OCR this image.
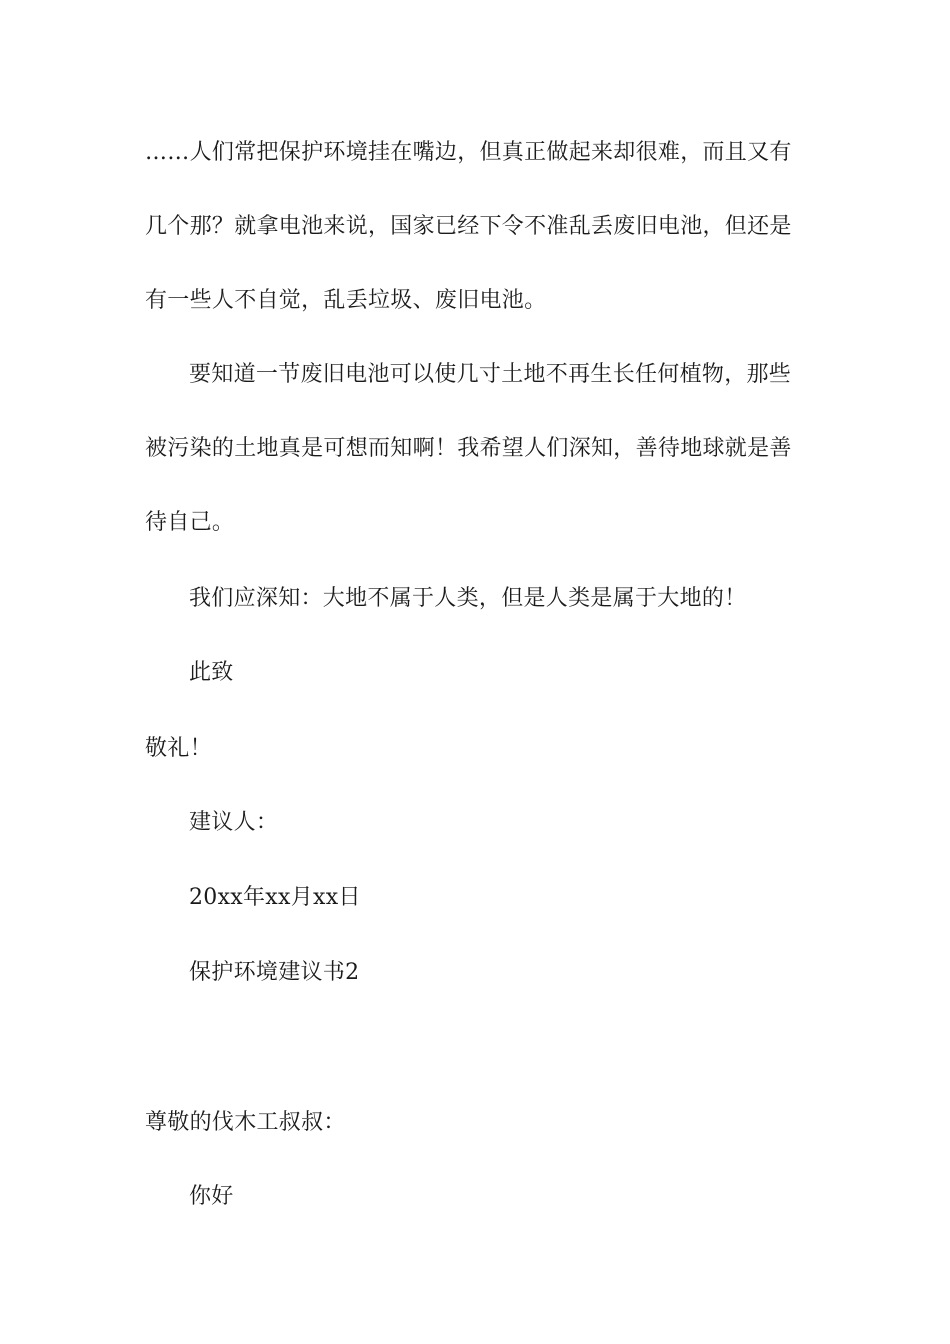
……人们常把保护环境挂在嘴边，但真正做起来却很难，而且又有
几个那？就拿电池来说，国家已经下令不准乱丢废旧电池，但还是
有一些人不自觉，乱丢垃圾、废旧电池。
要知道一节废旧电池可以使几寸土地不再生长任何植物，那些
被污染的土地真是可想而知啊！我希望人们深知，善待地球就是善
待自己。
我们应深知：大地不属于人类，但是人类是属于大地的！
此致
敬礼！
建议人：
20xx年xx月xx日
保护环境建议书2
尊敬的伐木工叔叔：
你好
